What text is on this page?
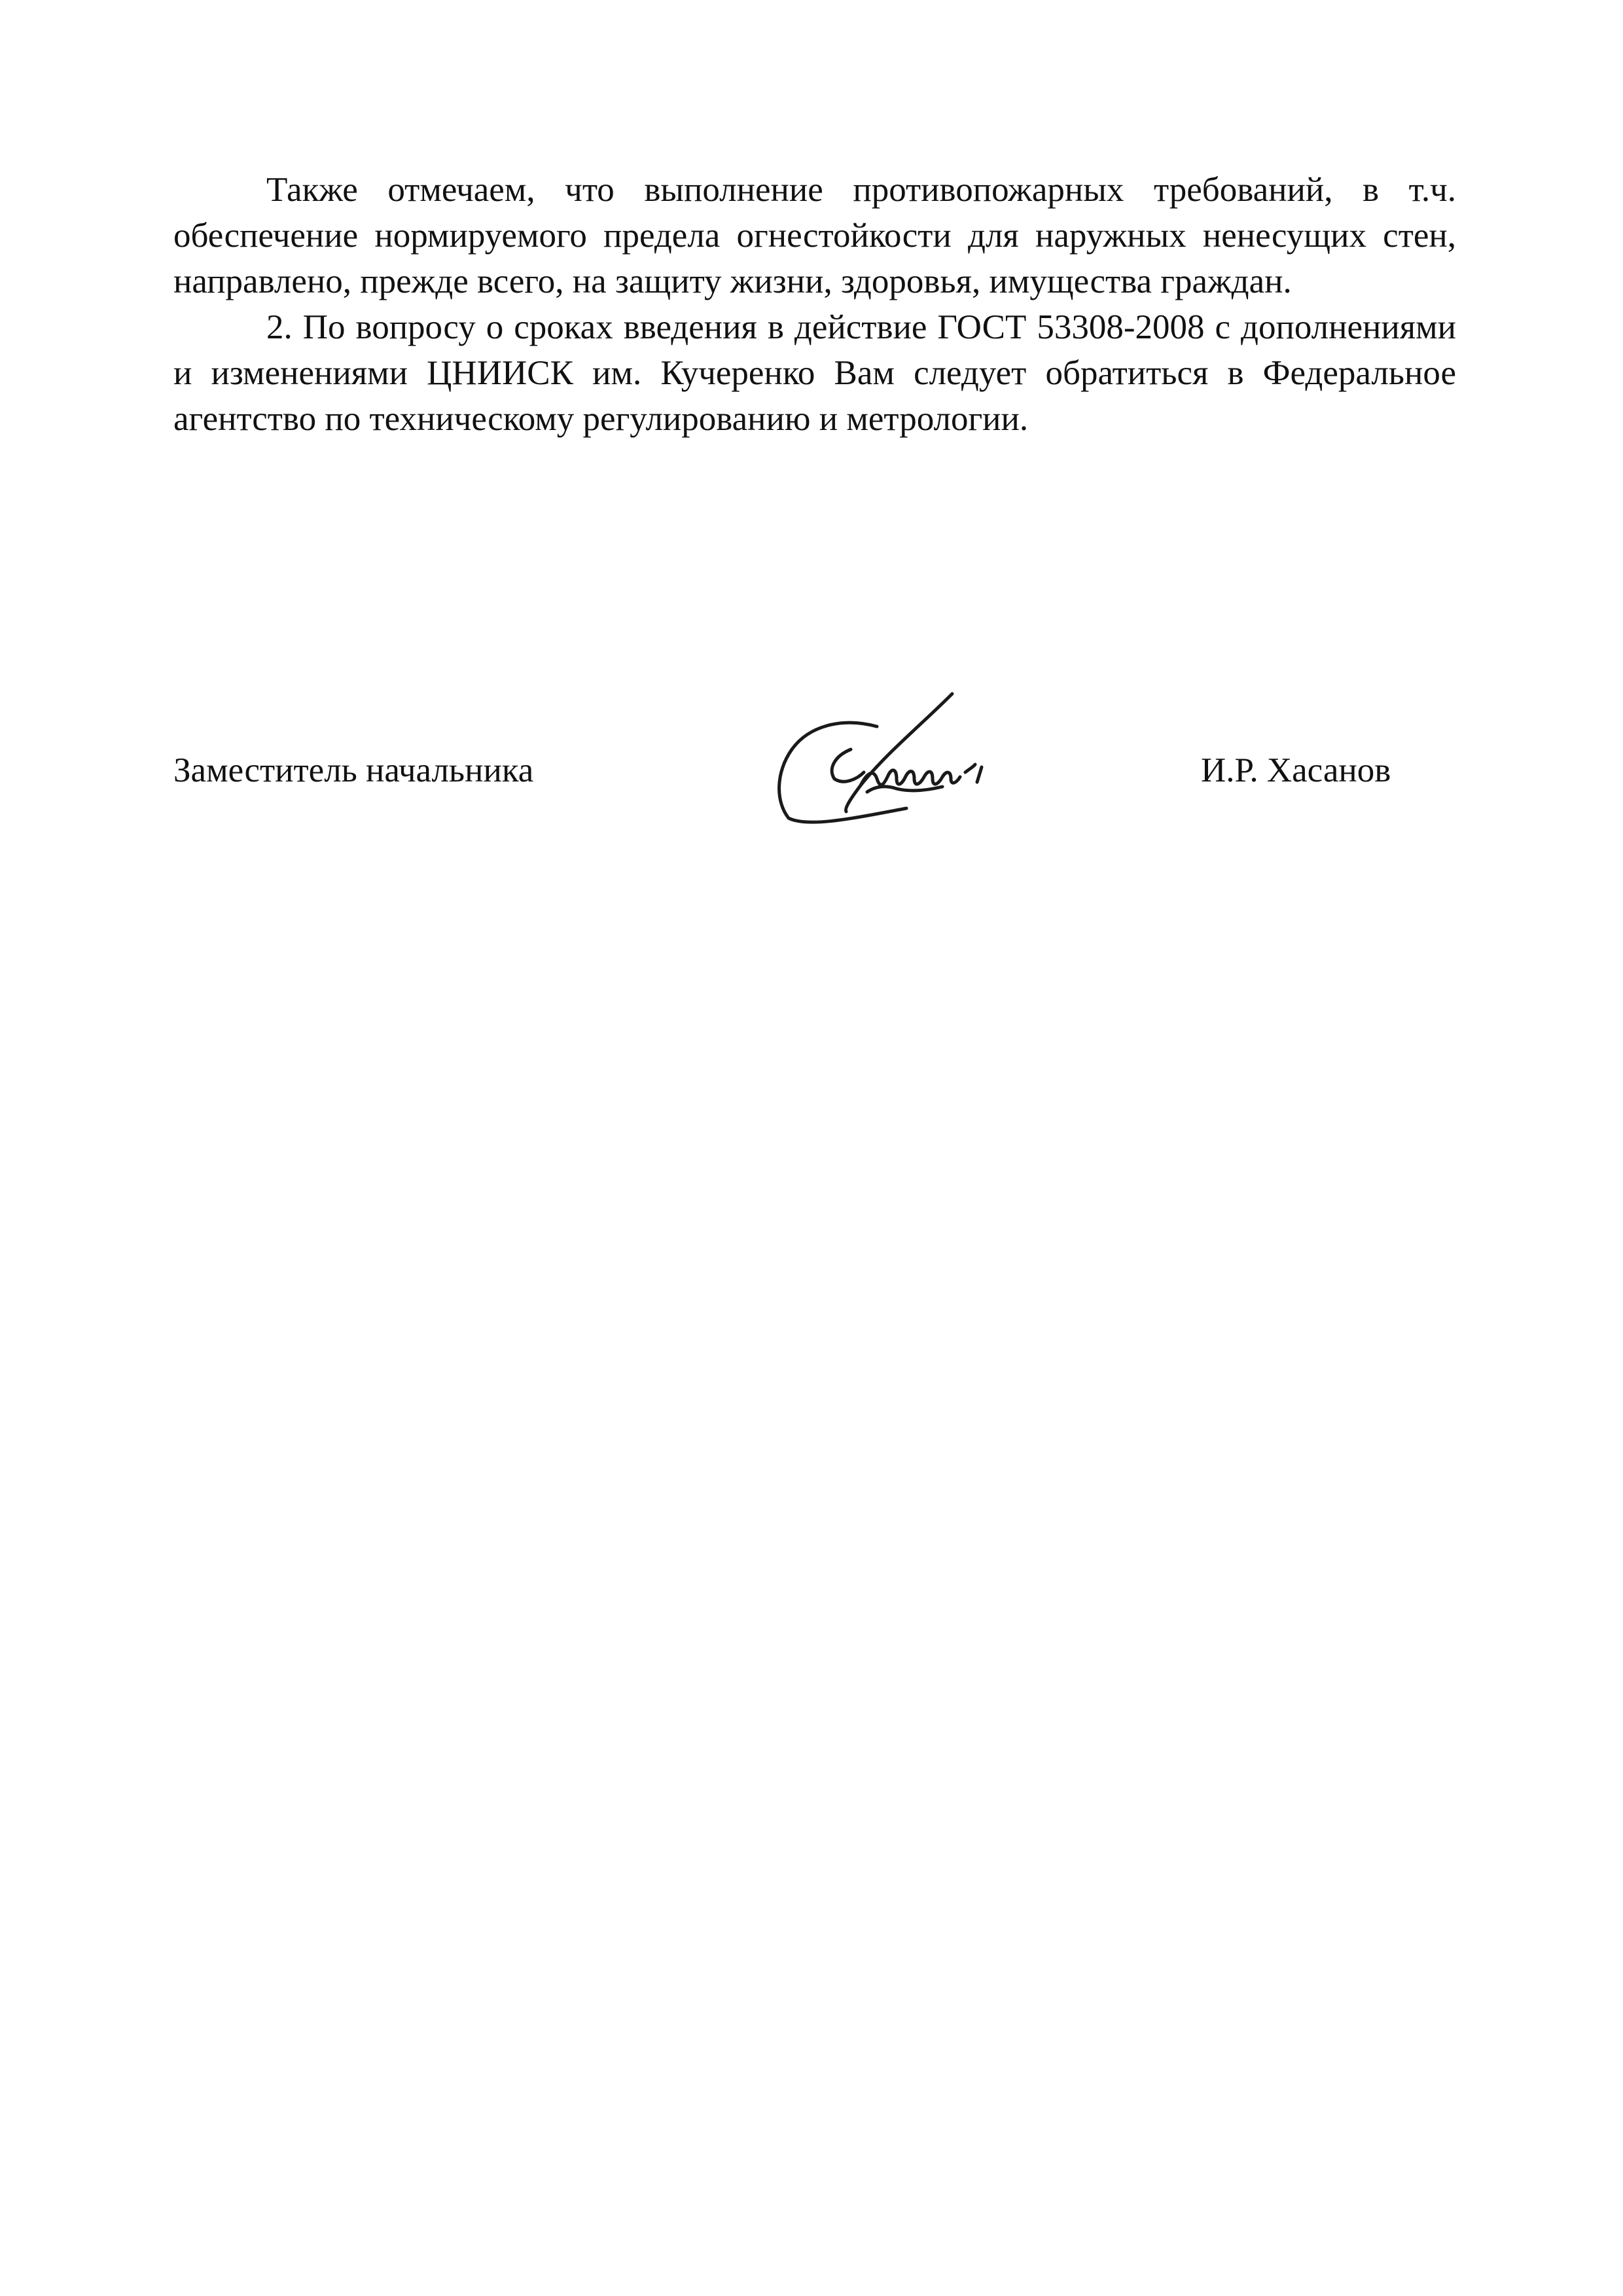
Также отмечаем, что выполнение противопожарных требований, в т.ч. обеспечение нормируемого предела огнестойкости для наружных ненесущих стен, направлено, прежде всего, на защиту жизни, здоровья, имущества граждан.

2. По вопросу о сроках введения в действие ГОСТ 53308-2008 с дополнениями и изменениями ЦНИИСК им. Кучеренко Вам следует обратиться в Федеральное агентство по техническому регулированию и метрологии.

Заместитель начальника	И.Р. Хасанов
